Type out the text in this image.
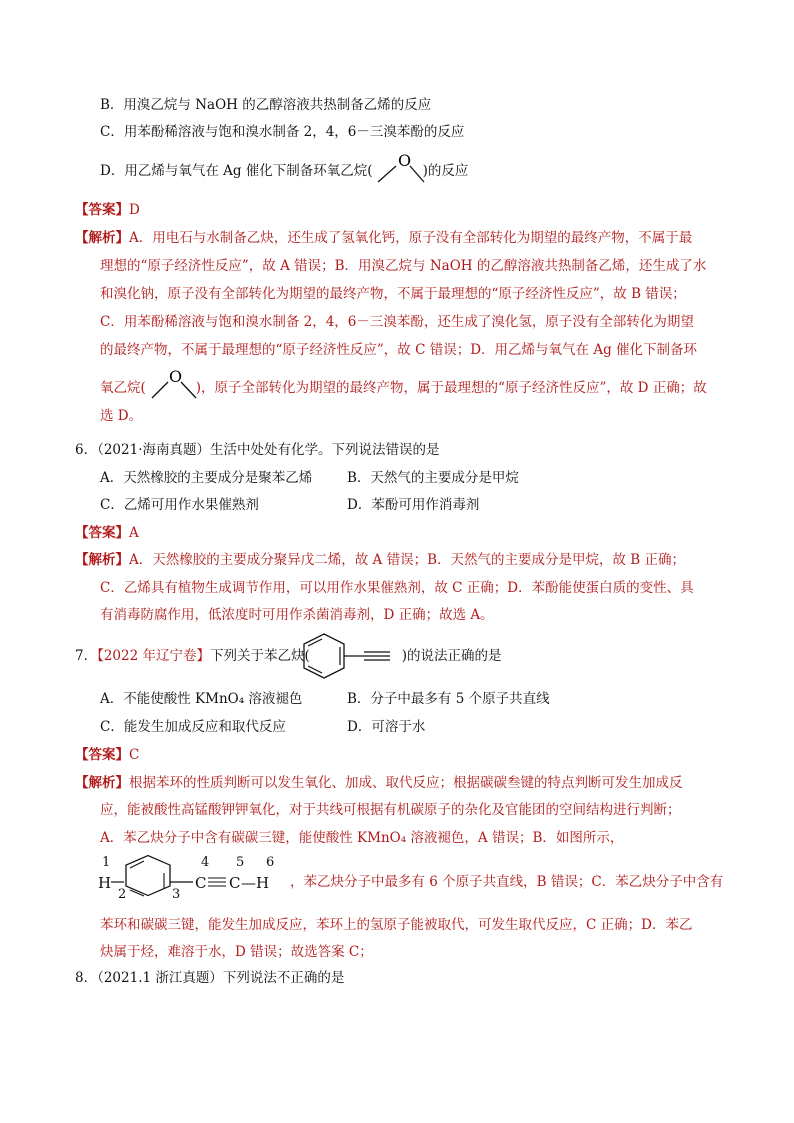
B．用溴乙烷与 NaOH 的乙醇溶液共热制备乙烯的反应
C．用苯酚稀溶液与饱和溴水制备 2，4，6－三溴苯酚的反应
D．用乙烯与氧气在 Ag 催化下制备环氧乙烷(	)的反应
O
【答案】D
【解析】A．用电石与水制备乙炔，还生成了氢氧化钙，原子没有全部转化为期望的最终产物，不属于最
理想的“原子经济性反应”，故 A 错误；B．用溴乙烷与 NaOH 的乙醇溶液共热制备乙烯，还生成了水
和溴化钠，原子没有全部转化为期望的最终产物，不属于最理想的“原子经济性反应”，故 B 错误；
C．用苯酚稀溶液与饱和溴水制备 2，4，6－三溴苯酚，还生成了溴化氢，原子没有全部转化为期望
的最终产物，不属于最理想的“原子经济性反应”，故 C 错误；D．用乙烯与氧气在 Ag 催化下制备环
氧乙烷(	)，原子全部转化为期望的最终产物，属于最理想的“原子经济性反应”，故 D 正确；故
O
选 D。
6．（2021·海南真题）生活中处处有化学。下列说法错误的是
A．天然橡胶的主要成分是聚苯乙烯	B．天然气的主要成分是甲烷
C．乙烯可用作水果催熟剂	D．苯酚可用作消毒剂
【答案】A
【解析】A．天然橡胶的主要成分聚异戊二烯，故 A 错误；B．天然气的主要成分是甲烷，故 B 正确；
C．乙烯具有植物生成调节作用，可以用作水果催熟剂，故 C 正确；D．苯酚能使蛋白质的变性、具
有消毒防腐作用，低浓度时可用作杀菌消毒剂，D 正确；故选 A。
7．【2022 年辽宁卷】下列关于苯乙炔(	)的说法正确的是
A．不能使酸性 KMnO₄ 溶液褪色	B．分子中最多有 5 个原子共直线
C．能发生加成反应和取代反应	D．可溶于水
【答案】C
【解析】根据苯环的性质判断可以发生氧化、加成、取代反应；根据碳碳叁键的特点判断可发生加成反
应，能被酸性高锰酸钾钾氧化，对于共线可根据有机碳原子的杂化及官能团的空间结构进行判断；
A．苯乙炔分子中含有碳碳三键，能使酸性 KMnO₄ 溶液褪色，A 错误；B．如图所示，
1
H
2	3
4
C
5
C
6
—H ，苯乙炔分子中最多有 6 个原子共直线，B 错误；C．苯乙炔分子中含有
苯环和碳碳三键，能发生加成反应，苯环上的氢原子能被取代，可发生取代反应，C 正确；D．苯乙
炔属于烃，难溶于水，D 错误；故选答案 C；
8．（2021.1 浙江真题）下列说法不正确的是
